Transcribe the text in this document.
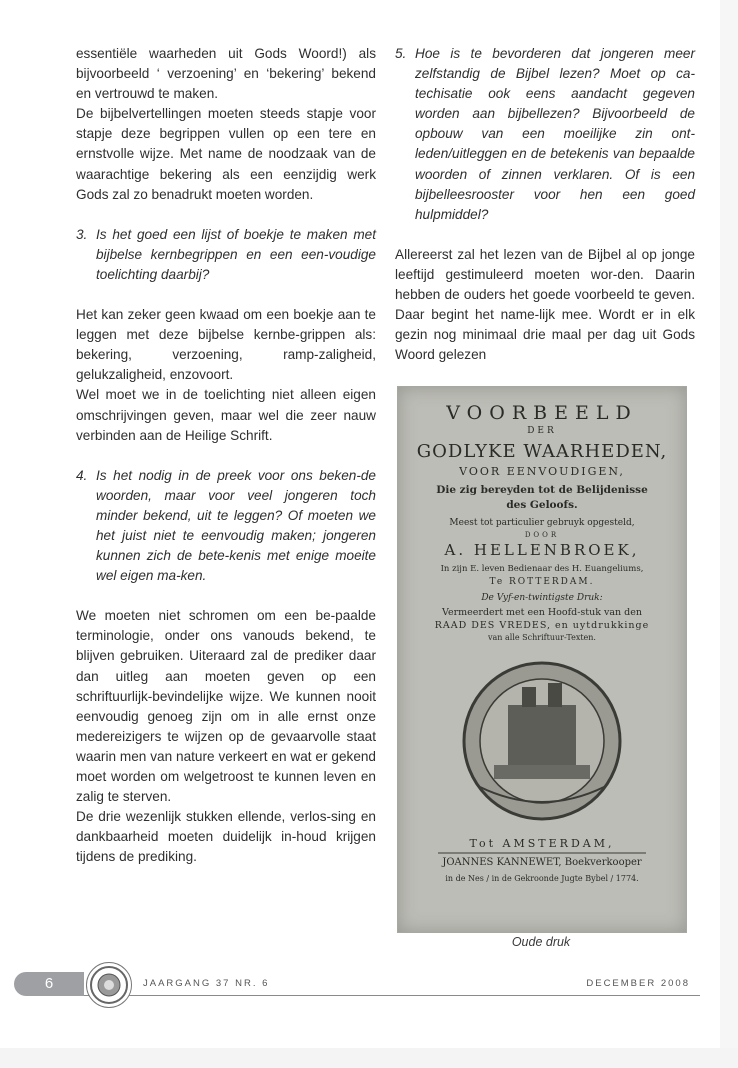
essentiële waarheden uit Gods Woord!) als bijvoorbeeld ‘ verzoening’ en ‘bekering’ bekend en vertrouwd te maken.

De bijbelvertellingen moeten steeds stapje voor stapje deze begrippen vullen op een tere en ernstvolle wijze. Met name de noodzaak van de waarachtige bekering als een eenzijdig werk Gods zal zo benadrukt moeten worden.

3. Is het goed een lijst of boekje te maken met bijbelse kernbegrippen en een een-voudige toelichting daarbij?

Het kan zeker geen kwaad om een boekje aan te leggen met deze bijbelse kernbe-grippen als: bekering, verzoening, ramp-zaligheid, gelukzaligheid, enzovoort.

Wel moet we in de toelichting niet alleen eigen omschrijvingen geven, maar wel die zeer nauw verbinden aan de Heilige Schrift.

4. Is het nodig in de preek voor ons beken-de woorden, maar voor veel jongeren toch minder bekend, uit te leggen? Of moeten we het juist niet te eenvoudig maken; jongeren kunnen zich de bete-kenis met enige moeite wel eigen ma-ken.

We moeten niet schromen om een be-paalde terminologie, onder ons vanouds bekend, te blijven gebruiken. Uiteraard zal de prediker daar dan uitleg aan moeten geven op een schriftuurlijk-bevindelijke wijze. We kunnen nooit eenvoudig genoeg zijn om in alle ernst onze medereizigers te wijzen op de gevaarvolle staat waarin men van nature verkeert en wat er gekend moet worden om welgetroost te kunnen leven en zalig te sterven.

De drie wezenlijk stukken ellende, verlos-sing en dankbaarheid moeten duidelijk in-houd krijgen tijdens de prediking.

5. Hoe is te bevorderen dat jongeren meer zelfstandig de Bijbel lezen? Moet op ca-techisatie ook eens aandacht gegeven worden aan bijbellezen? Bijvoorbeeld de opbouw van een moeilijke zin ont-leden/uitleggen en de betekenis van bepaalde woorden of zinnen verklaren. Of is een bijbelleesrooster voor hen een goed hulpmiddel?

Allereerst zal het lezen van de Bijbel al op jonge leeftijd gestimuleerd moeten wor-den. Daarin hebben de ouders het goede voorbeeld te geven. Daar begint het name-lijk mee. Wordt er in elk gezin nog minimaal drie maal per dag uit Gods Woord gelezen

VOORBEELD
DER
GODLYKE WAARHEDEN,
VOOR EENVOUDIGEN,
Die zig bereyden tot de Belijdenisse
des Geloofs.
Meest tot particulier gebruyk opgesteld,
DOOR
A. HELLENBROEK,
In zijn E. leven Bedienaar des H. Euangeliums,
Te ROTTERDAM.
De Vyf-en-twintigste Druk:
Vermeerdert met een Hoofd-stuk van den
RAAD DES VREDES, en uytdrukkinge
van alle Schriftuur-Texten.
Tot AMSTERDAM,
JOANNES KANNEWET, Boekverkooper
in de Nes / in de Gekroonde Jugte Bybel / 1774.
Oude druk
6	JAARGANG 37 NR. 6	DECEMBER 2008
